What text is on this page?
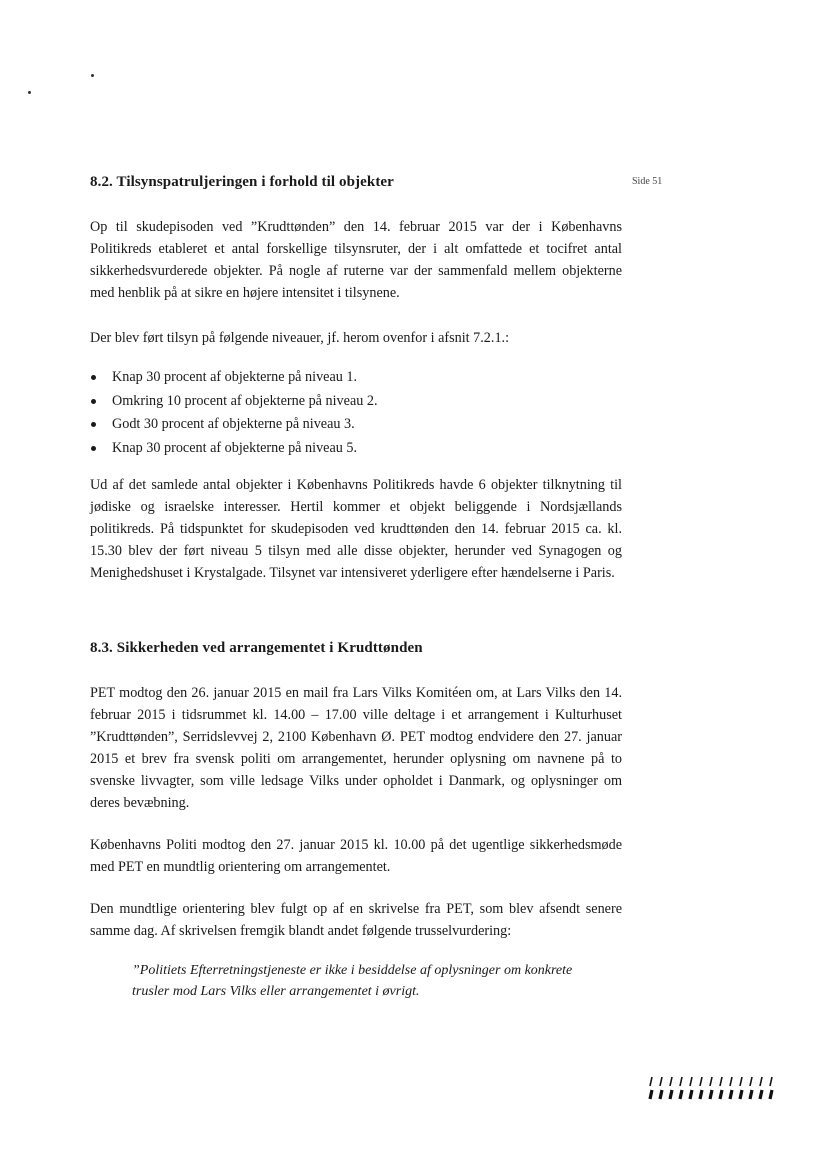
8.2. Tilsynspatruljeringen i forhold til objekter	Side 51

Op til skudepisoden ved ”Krudttønden” den 14. februar 2015 var der i Københavns Politikreds etableret et antal forskellige tilsynsruter, der i alt omfattede et tocifret antal sikkerhedsvurderede objekter. På nogle af ruterne var der sammenfald mellem objekterne med henblik på at sikre en højere intensitet i tilsynene.

Der blev ført tilsyn på følgende niveauer, jf. herom ovenfor i afsnit 7.2.1.:

Knap 30 procent af objekterne på niveau 1.
Omkring 10 procent af objekterne på niveau 2.
Godt 30 procent af objekterne på niveau 3.
Knap 30 procent af objekterne på niveau 5.

Ud af det samlede antal objekter i Københavns Politikreds havde 6 objekter tilknytning til jødiske og israelske interesser. Hertil kommer et objekt beliggende i Nordsjællands politikreds. På tidspunktet for skudepisoden ved krudttønden den 14. februar 2015 ca. kl. 15.30 blev der ført niveau 5 tilsyn med alle disse objekter, herunder ved Synagogen og Menighedshuset i Krystalgade. Tilsynet var intensiveret yderligere efter hændelserne i Paris.

8.3. Sikkerheden ved arrangementet i Krudttønden

PET modtog den 26. januar 2015 en mail fra Lars Vilks Komitéen om, at Lars Vilks den 14. februar 2015 i tidsrummet kl. 14.00 – 17.00 ville deltage i et arrangement i Kulturhuset ”Krudttønden”, Serridslevvej 2, 2100 København Ø. PET modtog endvidere den 27. januar 2015 et brev fra svensk politi om arrangementet, herunder oplysning om navnene på to svenske livvagter, som ville ledsage Vilks under opholdet i Danmark, og oplysninger om deres bevæbning.

Københavns Politi modtog den 27. januar 2015 kl. 10.00 på det ugentlige sikkerhedsmøde med PET en mundtlig orientering om arrangementet.

Den mundtlige orientering blev fulgt op af en skrivelse fra PET, som blev afsendt senere samme dag. Af skrivelsen fremgik blandt andet følgende trusselvurdering:

”Politiets Efterretningstjeneste er ikke i besiddelse af oplysninger om konkrete trusler mod Lars Vilks eller arrangementet i øvrigt.
